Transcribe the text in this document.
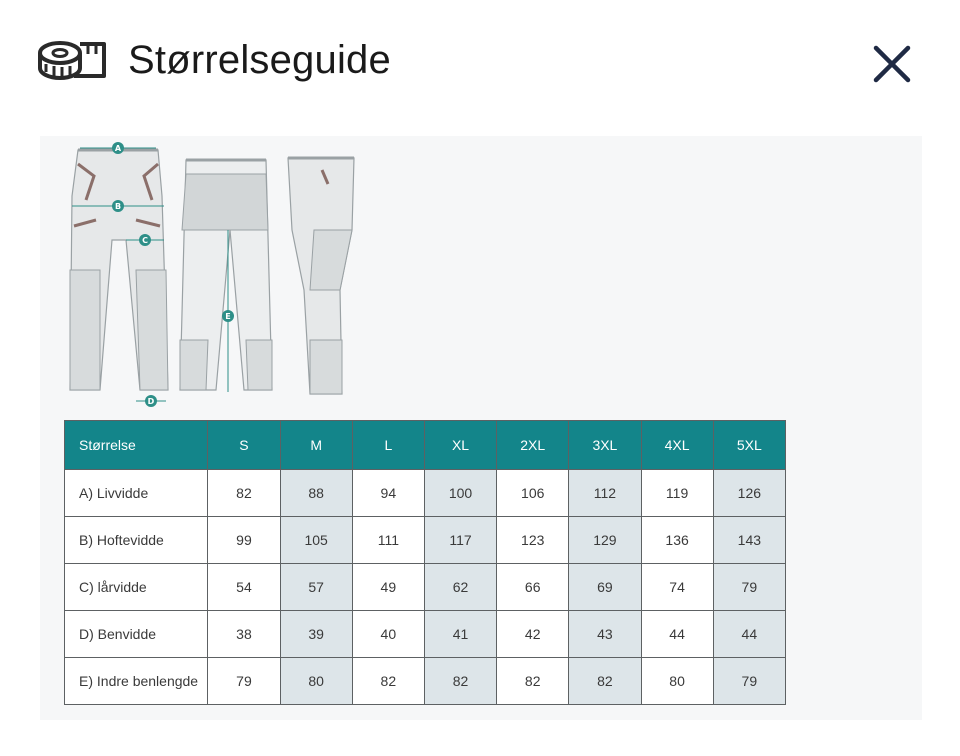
Størrelseguide
A
B
C
D
E
Størrelse	S	M	L	XL	2XL	3XL	4XL	5XL
A) Livvidde	82	88	94	100	106	112	119	126
B) Hoftevidde	99	105	111	117	123	129	136	143
C) lårvidde	54	57	49	62	66	69	74	79
D) Benvidde	38	39	40	41	42	43	44	44
E) Indre benlengde	79	80	82	82	82	82	80	79
